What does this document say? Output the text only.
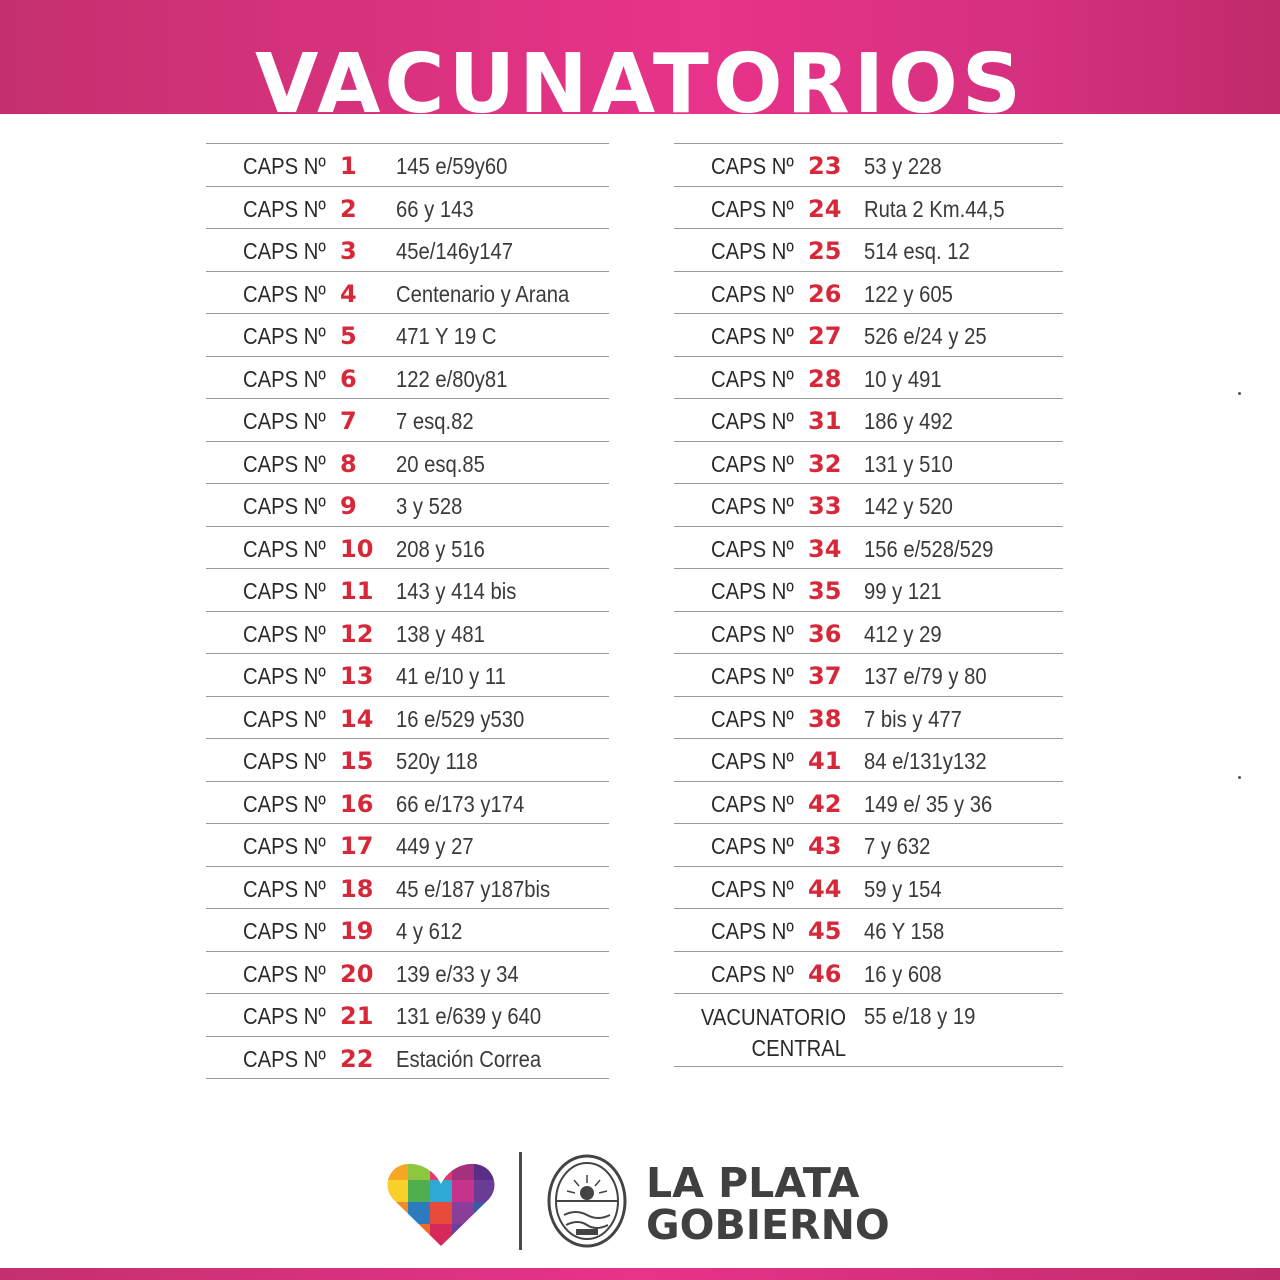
VACUNATORIOS
CAPS Nº 1 145 e/59y60
CAPS Nº 2 66 y 143
CAPS Nº 3 45e/146y147
CAPS Nº 4 Centenario y Arana
CAPS Nº 5 471 Y 19 C
CAPS Nº 6 122 e/80y81
CAPS Nº 7 7 esq.82
CAPS Nº 8 20 esq.85
CAPS Nº 9 3 y 528
CAPS Nº 10 208 y 516
CAPS Nº 11 143 y 414 bis
CAPS Nº 12 138 y 481
CAPS Nº 13 41 e/10 y 11
CAPS Nº 14 16 e/529 y530
CAPS Nº 15 520y 118
CAPS Nº 16 66 e/173 y174
CAPS Nº 17 449 y 27
CAPS Nº 18 45 e/187 y187bis
CAPS Nº 19 4 y 612
CAPS Nº 20 139 e/33 y 34
CAPS Nº 21 131 e/639 y 640
CAPS Nº 22 Estación Correa
CAPS Nº 23 53 y 228
CAPS Nº 24 Ruta 2 Km.44,5
CAPS Nº 25 514 esq. 12
CAPS Nº 26 122 y 605
CAPS Nº 27 526 e/24 y 25
CAPS Nº 28 10 y 491
CAPS Nº 31 186 y 492
CAPS Nº 32 131 y 510
CAPS Nº 33 142 y 520
CAPS Nº 34 156 e/528/529
CAPS Nº 35 99 y 121
CAPS Nº 36 412 y 29
CAPS Nº 37 137 e/79 y 80
CAPS Nº 38 7 bis y 477
CAPS Nº 41 84 e/131y132
CAPS Nº 42 149 e/ 35 y 36
CAPS Nº 43 7 y 632
CAPS Nº 44 59 y 154
CAPS Nº 45 46 Y 158
CAPS Nº 46 16 y 608
VACUNATORIO
CENTRAL
55 e/18 y 19
LA PLATA
GOBIERNO
